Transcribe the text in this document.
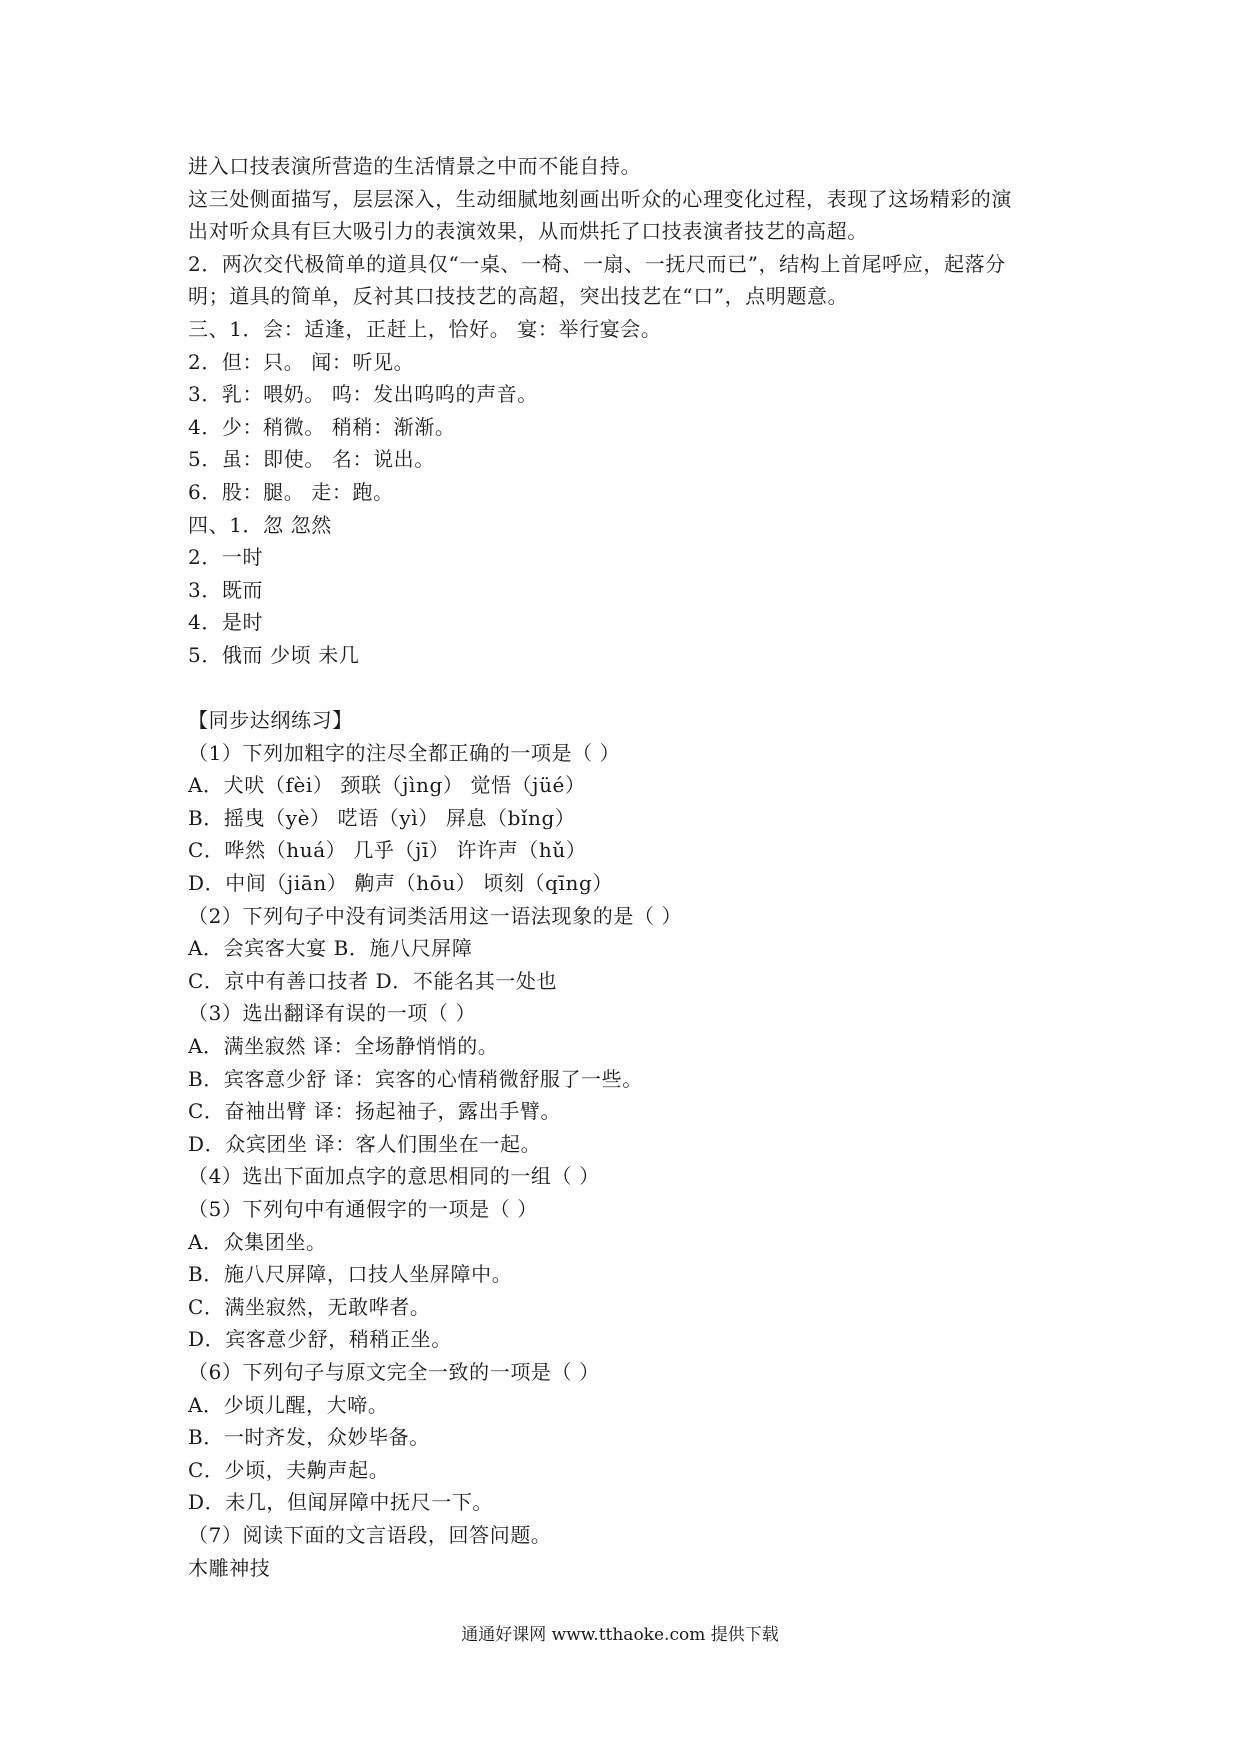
进入口技表演所营造的生活情景之中而不能自持。
这三处侧面描写，层层深入，生动细腻地刻画出听众的心理变化过程，表现了这场精彩的演
出对听众具有巨大吸引力的表演效果，从而烘托了口技表演者技艺的高超。
2．两次交代极简单的道具仅“一桌、一椅、一扇、一抚尺而已”，结构上首尾呼应，起落分
明；道具的简单，反衬其口技技艺的高超，突出技艺在“口”，点明题意。
三、1．会：适逢，正赶上，恰好。 宴：举行宴会。
2．但：只。 闻：听见。
3．乳：喂奶。 呜：发出呜呜的声音。
4．少：稍微。 稍稍：渐渐。
5．虽：即使。 名：说出。
6．股：腿。 走：跑。
四、1．忽 忽然
2．一时
3．既而
4．是时
5．俄而 少顷 未几
【同步达纲练习】
（1）下列加粗字的注尽全都正确的一项是（ ）
A．犬吠（fèi） 颈联（jìng） 觉悟（jüé）
B．摇曳（yè） 呓语（yì） 屏息（bǐng）
C．哗然（huá） 几乎（jī） 许许声（hǔ）
D．中间（jiān） 齁声（hōu） 顷刻（qīng）
（2）下列句子中没有词类活用这一语法现象的是（ ）
A．会宾客大宴 B．施八尺屏障
C．京中有善口技者 D．不能名其一处也
（3）选出翻译有误的一项（ ）
A．满坐寂然 译：全场静悄悄的。
B．宾客意少舒 译：宾客的心情稍微舒服了一些。
C．奋袖出臂 译：扬起袖子，露出手臂。
D．众宾团坐 译：客人们围坐在一起。
（4）选出下面加点字的意思相同的一组（ ）
（5）下列句中有通假字的一项是（ ）
A．众集团坐。
B．施八尺屏障，口技人坐屏障中。
C．满坐寂然，无敢哗者。
D．宾客意少舒，稍稍正坐。
（6）下列句子与原文完全一致的一项是（ ）
A．少顷儿醒，大啼。
B．一时齐发，众妙毕备。
C．少顷，夫齁声起。
D．未几，但闻屏障中抚尺一下。
（7）阅读下面的文言语段，回答问题。
木雕神技
通通好课网 www.tthaoke.com 提供下载
